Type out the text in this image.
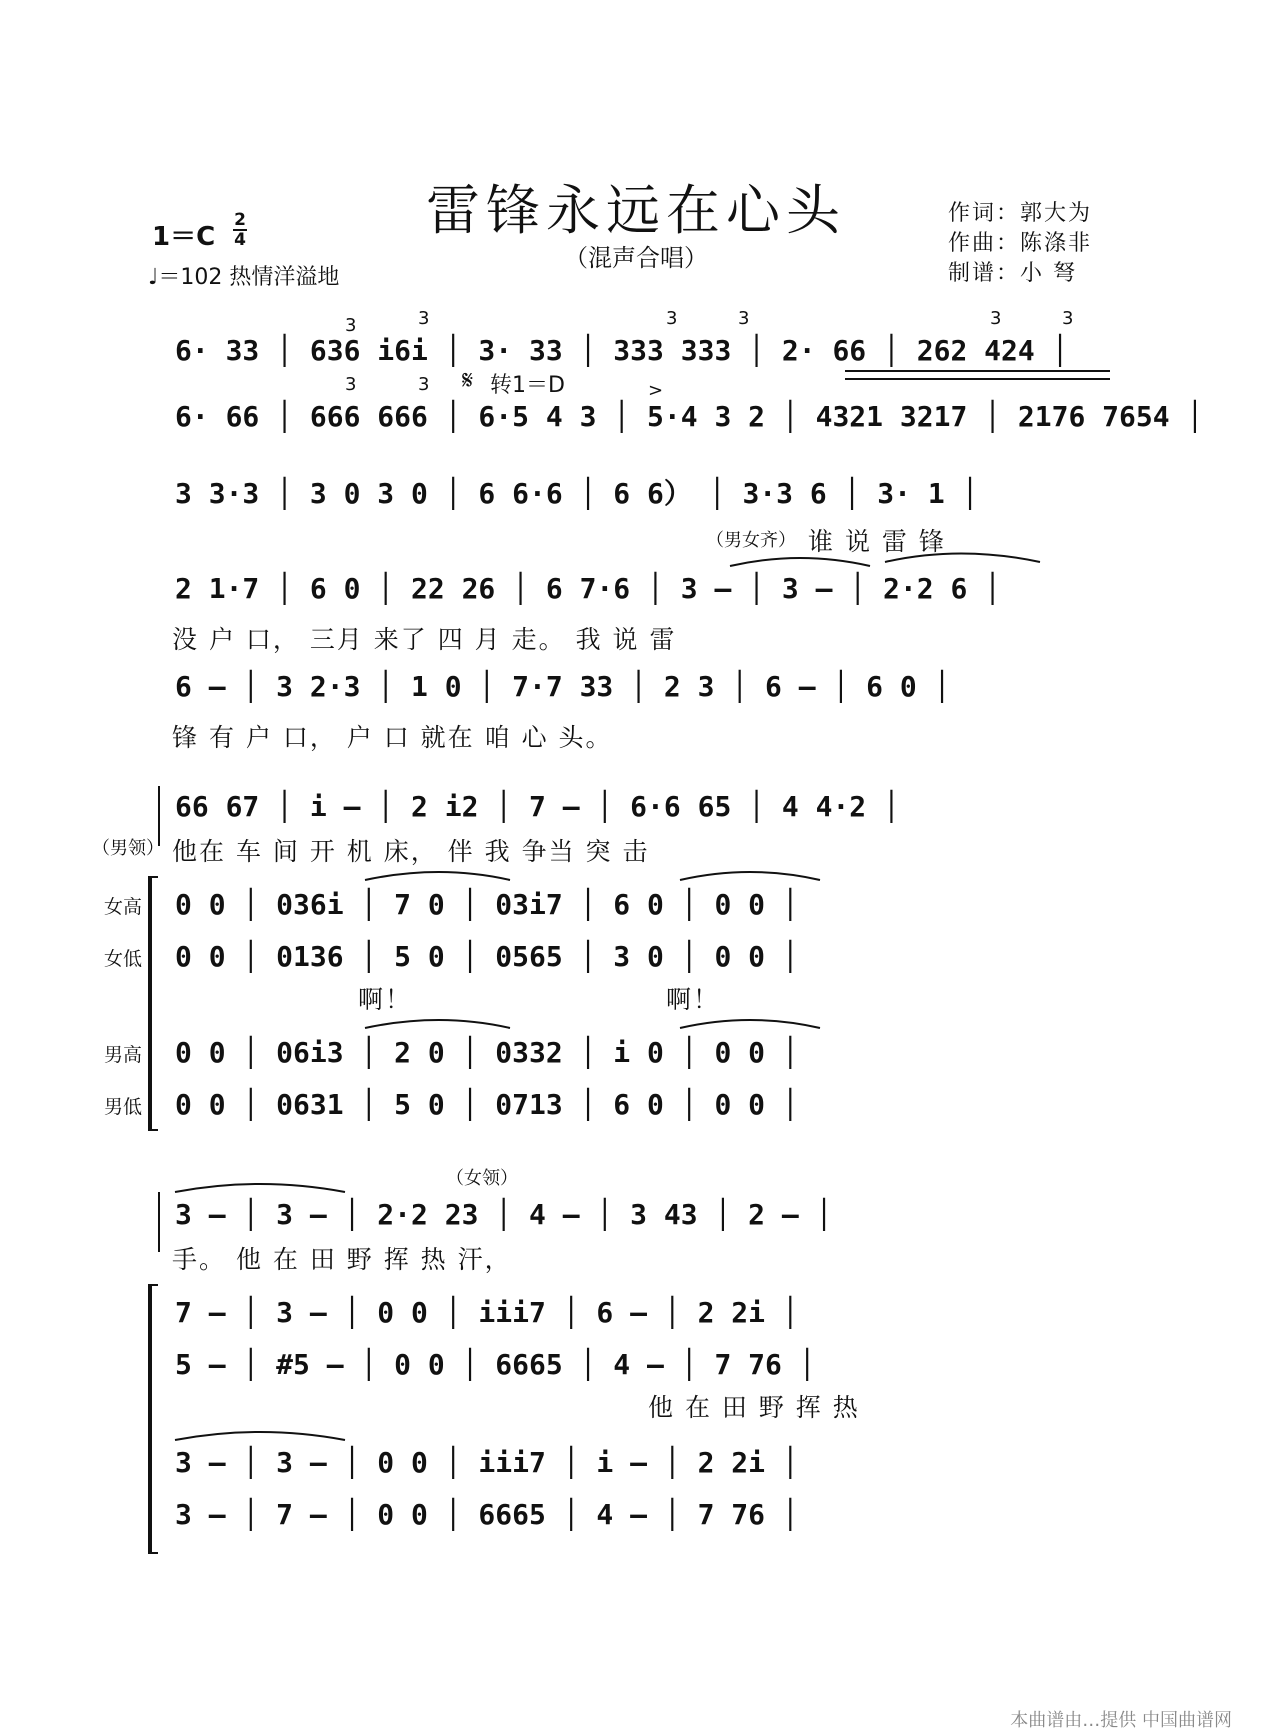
雷锋永远在心头
（混声合唱）
作词：郭大为
作曲：陈涤非
制谱：小 弩
1＝C
2
4
♩＝102 热情洋溢地
3	3	3	3	3	3
6· 33 │ 636 i6i │ 3· 33 │ 333 333 │ 2· 66 │ 262 424 │
3	3 𝄋 转1＝D	>
6· 66 │ 666 666 │ 6·5 4 3 │ 5·4 3 2 │ 4321 3217 │ 2176 7654 │
3 3·3 │ 3 0 3 0 │ 6 6·6 │ 6 6） │ 3·3 6 │ 3· 1 │
（男女齐） 谁 说 雷 锋
2 1·7 │ 6 0 │ 22 26 │ 6 7·6 │ 3 – │ 3 – │ 2·2 6 │
没 户 口， 三月 来了 四 月 走。 我 说 雷
6 – │ 3 2·3 │ 1 0 │ 7·7 33 │ 2 3 │ 6 – │ 6 0 │
锋 有 户 口， 户 口 就在 咱 心 头。
66 67 │ i – │ 2 i2 │ 7 – │ 6·6 65 │ 4 4·2 │
（男领） 他在 车 间 开 机 床， 伴 我 争当 突 击
女高 0 0 │ 036i │ 7 0 │ 03i7 │ 6 0 │ 0 0 │
女低 0 0 │ 0136 │ 5 0 │ 0565 │ 3 0 │ 0 0 │
啊！	啊！
男高 0 0 │ 06i3 │ 2 0 │ 0332 │ i 0 │ 0 0 │
男低 0 0 │ 0631 │ 5 0 │ 0713 │ 6 0 │ 0 0 │
（女领）
3 – │ 3 – │ 2·2 23 │ 4 – │ 3 43 │ 2 – │
手。 他 在 田 野 挥 热 汗，
7 – │ 3 – │ 0 0 │ iii7 │ 6 – │ 2 2i │
5 – │ #5 – │ 0 0 │ 6665 │ 4 – │ 7 76 │
他 在 田 野 挥 热
3 – │ 3 – │ 0 0 │ iii7 │ i – │ 2 2i │
3 – │ 7 – │ 0 0 │ 6665 │ 4 – │ 7 76 │
本曲谱由…提供 中国曲谱网
